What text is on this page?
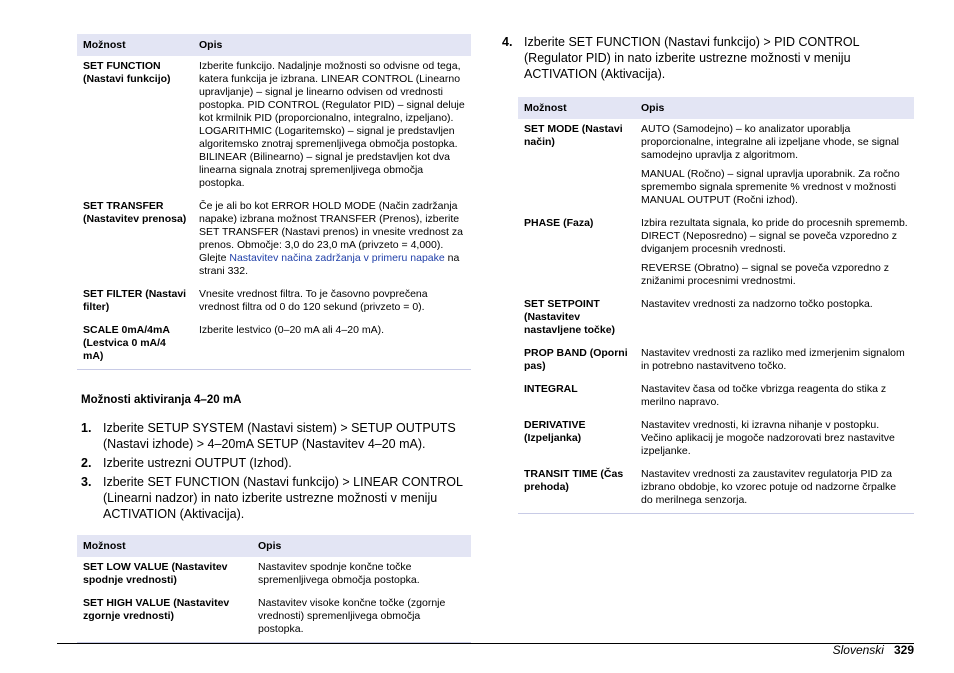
Možnost	Opis
SET FUNCTION (Nastavi funkcijo)	Izberite funkcijo. Nadaljnje možnosti so odvisne od tega, katera funkcija je izbrana. LINEAR CONTROL (Linearno upravljanje) – signal je linearno odvisen od vrednosti postopka. PID CONTROL (Regulator PID) – signal deluje kot krmilnik PID (proporcionalno, integralno, izpeljano). LOGARITHMIC (Logaritemsko) – signal je predstavljen algoritemsko znotraj spremenljivega območja postopka. BILINEAR (Bilinearno) – signal je predstavljen kot dva linearna signala znotraj spremenljivega območja postopka.
SET TRANSFER (Nastavitev prenosa)	Če je ali bo kot ERROR HOLD MODE (Način zadržanja napake) izbrana možnost TRANSFER (Prenos), izberite SET TRANSFER (Nastavi prenos) in vnesite vrednost za prenos. Območje: 3,0 do 23,0 mA (privzeto = 4,000). Glejte Nastavitev načina zadržanja v primeru napake na strani 332.
SET FILTER (Nastavi filter)	Vnesite vrednost filtra. To je časovno povprečena vrednost filtra od 0 do 120 sekund (privzeto = 0).
SCALE 0mA/4mA (Lestvica 0 mA/4 mA)	Izberite lestvico (0–20 mA ali 4–20 mA).
Možnosti aktiviranja 4–20 mA
1. Izberite SETUP SYSTEM (Nastavi sistem) > SETUP OUTPUTS (Nastavi izhode) > 4–20mA SETUP (Nastavitev 4–20 mA).
2. Izberite ustrezni OUTPUT (Izhod).
3. Izberite SET FUNCTION (Nastavi funkcijo) > LINEAR CONTROL (Linearni nadzor) in nato izberite ustrezne možnosti v meniju ACTIVATION (Aktivacija).
Možnost	Opis
SET LOW VALUE (Nastavitev spodnje vrednosti)	Nastavitev spodnje končne točke spremenljivega območja postopka.
SET HIGH VALUE (Nastavitev zgornje vrednosti)	Nastavitev visoke končne točke (zgornje vrednosti) spremenljivega območja postopka.
4. Izberite SET FUNCTION (Nastavi funkcijo) > PID CONTROL (Regulator PID) in nato izberite ustrezne možnosti v meniju ACTIVATION (Aktivacija).
Možnost	Opis
SET MODE (Nastavi način)	AUTO (Samodejno) – ko analizator uporablja proporcionalne, integralne ali izpeljane vhode, se signal samodejno upravlja z algoritmom.

MANUAL (Ročno) – signal upravlja uporabnik. Za ročno spremembo signala spremenite % vrednost v možnosti MANUAL OUTPUT (Ročni izhod).

PHASE (Faza)	Izbira rezultata signala, ko pride do procesnih sprememb.

DIRECT (Neposredno) – signal se poveča vzporedno z dviganjem procesnih vrednosti.

REVERSE (Obratno) – signal se poveča vzporedno z znižanimi procesnimi vrednostmi.

SET SETPOINT (Nastavitev nastavljene točke)	Nastavitev vrednosti za nadzorno točko postopka.
PROP BAND (Oporni pas)	Nastavitev vrednosti za razliko med izmerjenim signalom in potrebno nastavitveno točko.
INTEGRAL	Nastavitev časa od točke vbrizga reagenta do stika z merilno napravo.
DERIVATIVE (Izpeljanka)	Nastavitev vrednosti, ki izravna nihanje v postopku. Večino aplikacij je mogoče nadzorovati brez nastavitve izpeljanke.
TRANSIT TIME (Čas prehoda)	Nastavitev vrednosti za zaustavitev regulatorja PID za izbrano obdobje, ko vzorec potuje od nadzorne črpalke do merilnega senzorja.
Slovenski 329
